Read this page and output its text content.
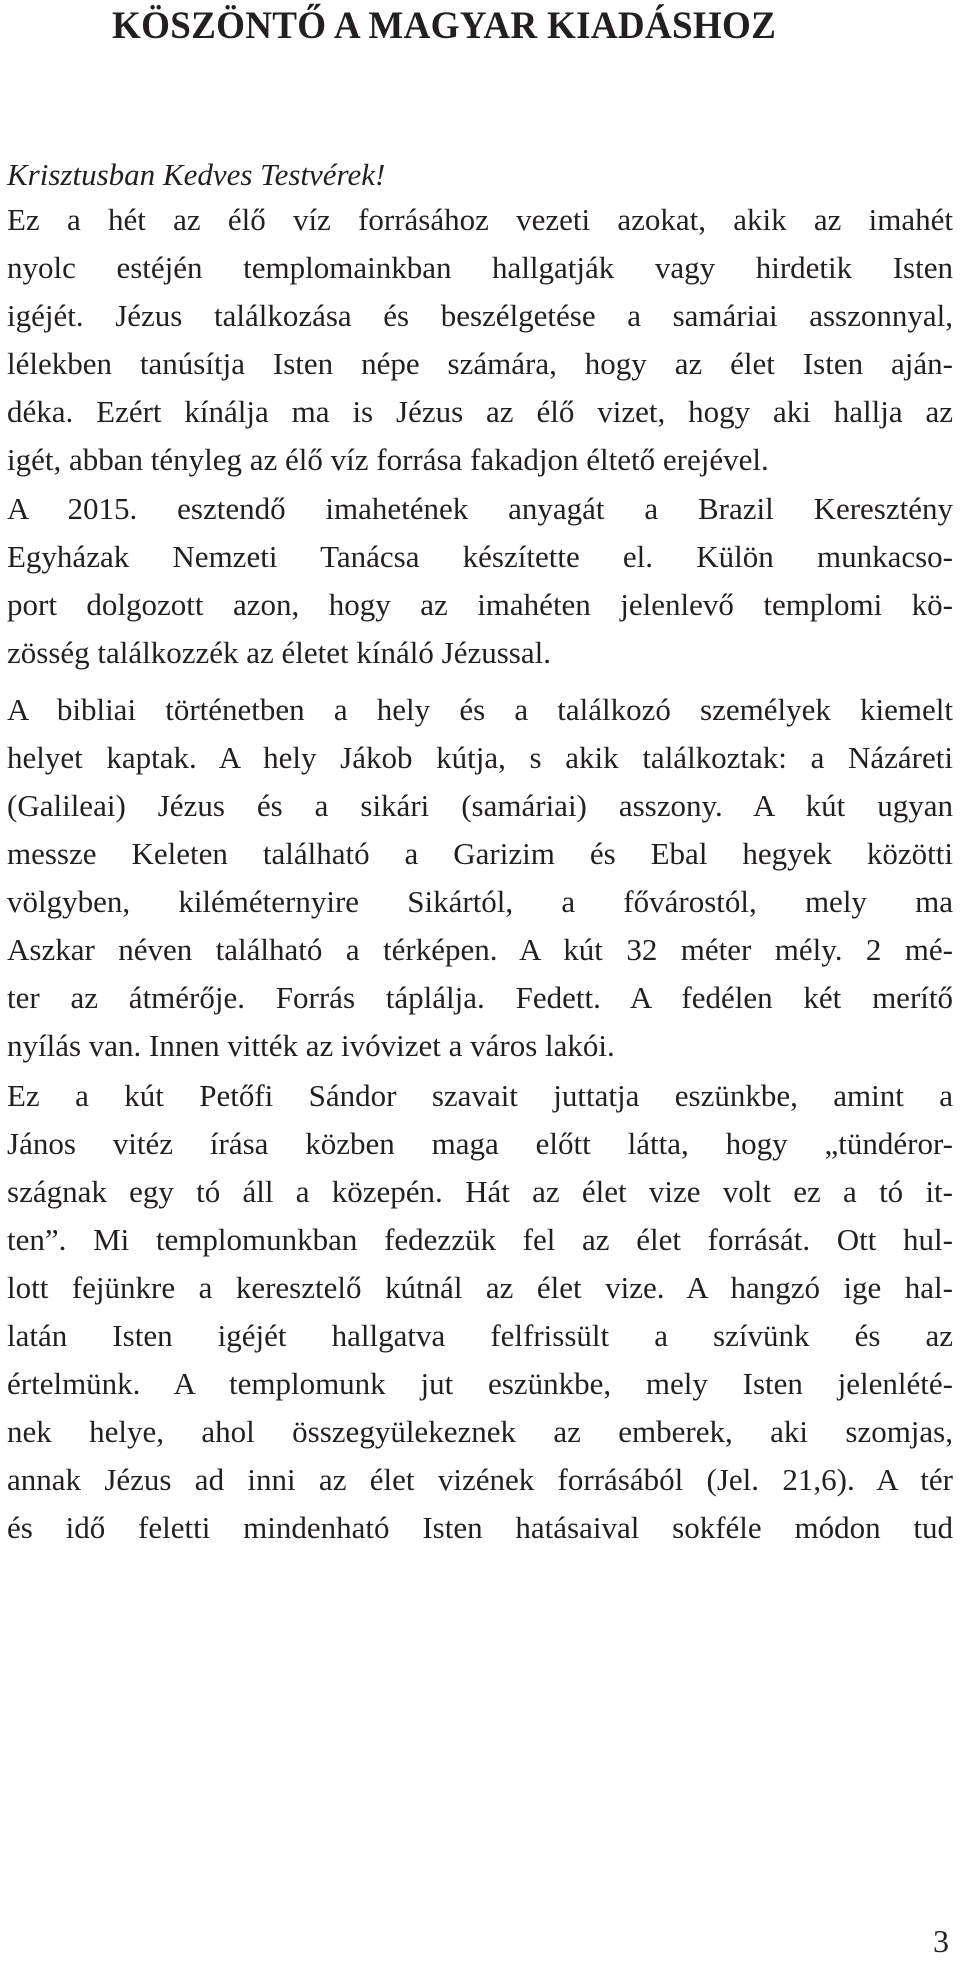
KÖSZÖNTŐ A MAGYAR KIADÁSHOZ

Krisztusban Kedves Testvérek!

Ez a hét az élő víz forrásához vezeti azokat, akik az imahét
nyolc estéjén templomainkban hallgatják vagy hirdetik Isten
igéjét. Jézus találkozása és beszélgetése a samáriai asszonnyal,
lélekben tanúsítja Isten népe számára, hogy az élet Isten aján-
déka. Ezért kínálja ma is Jézus az élő vizet, hogy aki hallja az
igét, abban tényleg az élő víz forrása fakadjon éltető erejével.
A 2015. esztendő imahetének anyagát a Brazil Keresztény
Egyházak Nemzeti Tanácsa készítette el. Külön munkacso-
port dolgozott azon, hogy az imahéten jelenlevő templomi kö-
zösség találkozzék az életet kínáló Jézussal.
A bibliai történetben a hely és a találkozó személyek kiemelt
helyet kaptak. A hely Jákob kútja, s akik találkoztak: a Názáreti
(Galileai) Jézus és a sikári (samáriai) asszony. A kút ugyan
messze Keleten található a Garizim és Ebal hegyek közötti
völgyben, kiléméternyire Sikártól, a fővárostól, mely ma
Aszkar néven található a térképen. A kút 32 méter mély. 2 mé-
ter az átmérője. Forrás táplálja. Fedett. A fedélen két merítő
nyílás van. Innen vitték az ivóvizet a város lakói.
Ez a kút Petőfi Sándor szavait juttatja eszünkbe, amint a
János vitéz írása közben maga előtt látta, hogy „tündéror-
szágnak egy tó áll a közepén. Hát az élet vize volt ez a tó it-
ten”. Mi templomunkban fedezzük fel az élet forrását. Ott hul-
lott fejünkre a keresztelő kútnál az élet vize. A hangzó ige hal-
latán Isten igéjét hallgatva felfrissült a szívünk és az
értelmünk. A templomunk jut eszünkbe, mely Isten jelenlété-
nek helye, ahol összegyülekeznek az emberek, aki szomjas,
annak Jézus ad inni az élet vizének forrásából (Jel. 21,6). A tér
és idő feletti mindenható Isten hatásaival sokféle módon tud

3
